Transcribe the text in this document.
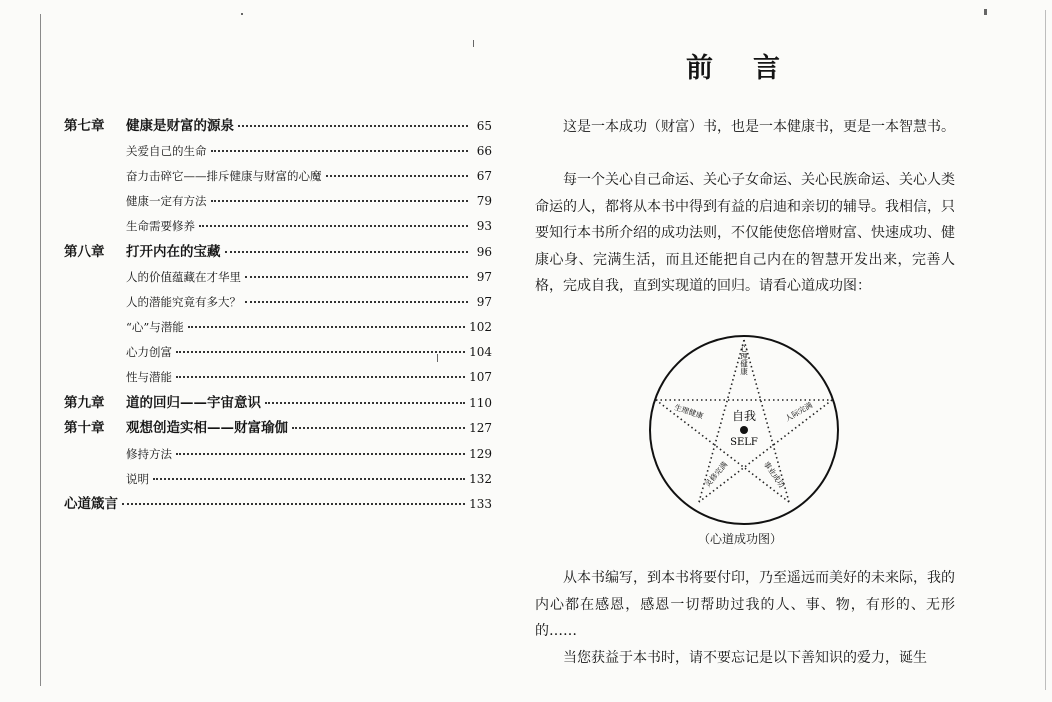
第七章	健康是财富的源泉	65
关爱自己的生命	66
奋力击碎它——排斥健康与财富的心魔	67
健康一定有方法	79
生命需要修养	93
第八章	打开内在的宝藏	96
人的价值蕴藏在才华里	97
人的潜能究竟有多大？	97
“心”与潜能	102
心力创富	104
性与潜能	107
第九章	道的回归——宇宙意识	110
第十章	观想创造实相——财富瑜伽	127
修持方法	129
说明	132
心道箴言	133
前言
这是一本成功（财富）书，也是一本健康书，更是一本智慧书。
每一个关心自己命运、关心子女命运、关心民族命运、关心人类命运的人，都将从本书中得到有益的启迪和亲切的辅导。我相信，只要知行本书所介绍的成功法则，不仅能使您倍增财富、快速成功、健康心身、完满生活，而且还能把自己内在的智慧开发出来，完善人格，完成自我，直到实现道的回归。请看心道成功图：
自我
SELF
心理健康
生理健康	人际完满
灵修完满	事业成功
（心道成功图）
从本书编写，到本书将要付印，乃至遥远而美好的未来际，我的内心都在感恩，感恩一切帮助过我的人、事、物，有形的、无形的……
当您获益于本书时，请不要忘记是以下善知识的爱力，诞生
